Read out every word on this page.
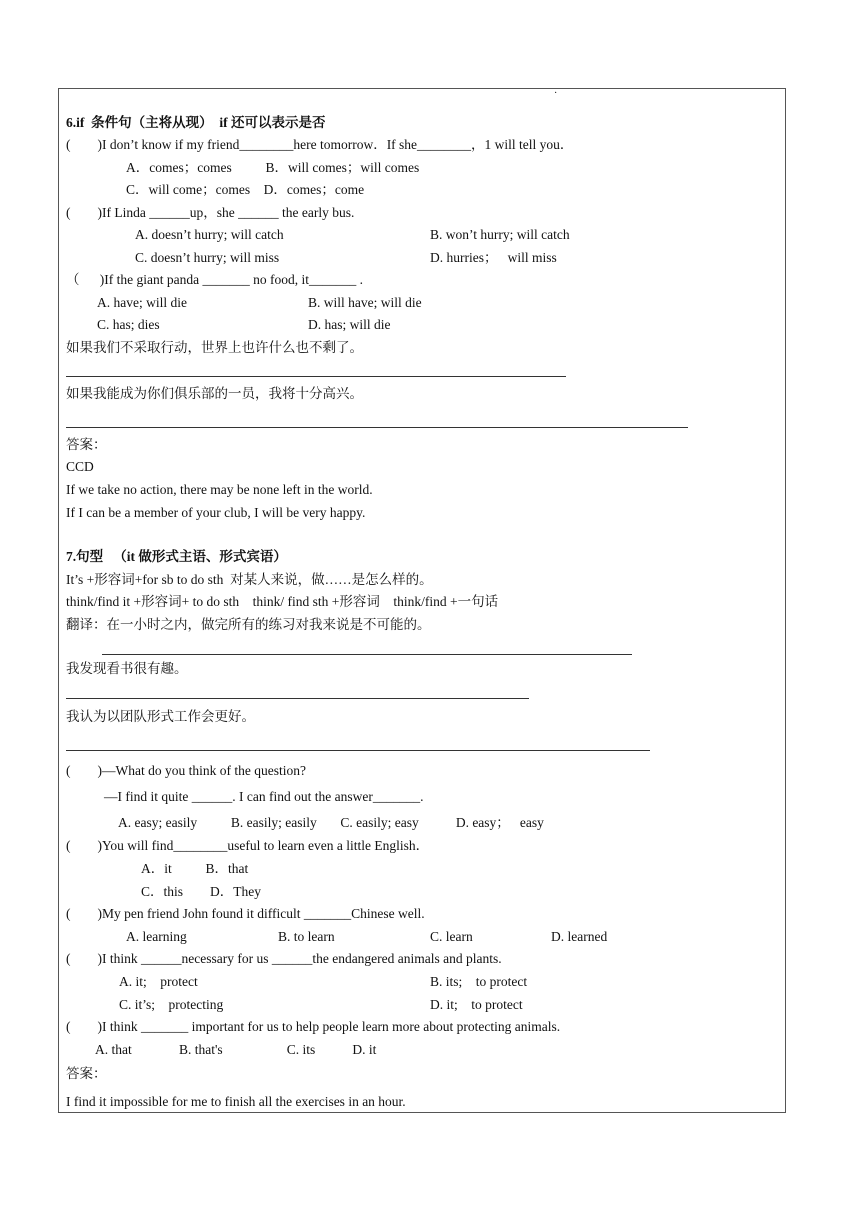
·
6.if  条件句（主将从现）  if 还可以表示是否
(        )I don’t know if my friend________here tomorrow．If she________，1 will tell you．
A．comes；comes          B．will comes；will comes
C．will come；comes    D．comes；come
(        )If Linda ______up，she ______ the early bus.
A. doesn’t hurry; will catch	B. won’t hurry; will catch
C. doesn’t hurry; will miss	D. hurries；   will miss
（      )If the giant panda _______ no food, it_______ .
A. have; will die	B. will have; will die
C. has; dies	D. has; will die
如果我们不采取行动，世界上也许什么也不剩了。
如果我能成为你们俱乐部的一员，我将十分高兴。
答案：
CCD
If we take no action, there may be none left in the world.
If I can be a member of your club, I will be very happy.
7.句型   （it 做形式主语、形式宾语）
It’s +形容词+for sb to do sth  对某人来说，做……是怎么样的。
think/find it +形容词+ to do sth    think/ find sth +形容词    think/find +一句话
翻译：在一小时之内，做完所有的练习对我来说是不可能的。
我发现看书很有趣。
我认为以团队形式工作会更好。
(        )—What do you think of the question?
—I find it quite ______. I can find out the answer_______.
A. easy; easily          B. easily; easily       C. easily; easy           D. easy；   easy
(        )You will find________useful to learn even a little English．
A．it          B．that
C．this        D．They
(        )My pen friend John found it difficult _______Chinese well.
A. learning	B. to learn	C. learn	D. learned
(        )I think ______necessary for us ______the endangered animals and plants.
A. it;    protect	B. its;    to protect
C. it’s;    protecting	D. it;    to protect
(        )I think _______ important for us to help people learn more about protecting animals.
A. that              B. that's                   C. its           D. it
答案：
I find it impossible for me to finish all the exercises in an hour.
